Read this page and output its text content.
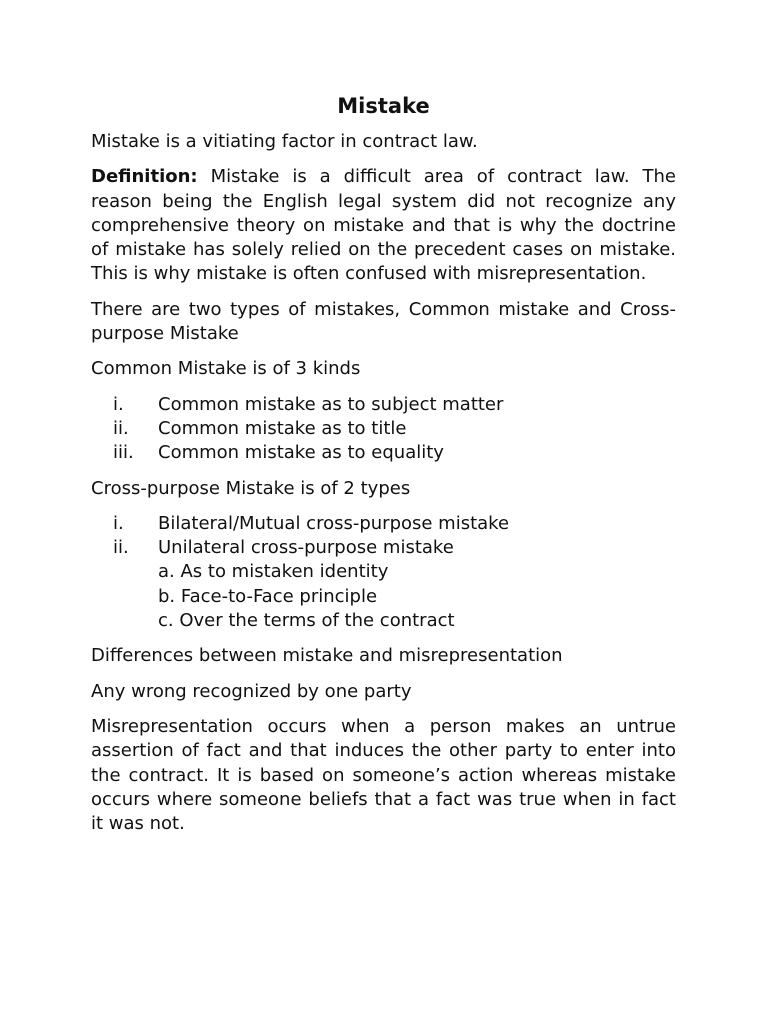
Mistake

Mistake is a vitiating factor in contract law.

Definition: Mistake is a difficult area of contract law. The reason being the English legal system did not recognize any comprehensive theory on mistake and that is why the doctrine of mistake has solely relied on the precedent cases on mistake. This is why mistake is often confused with misrepresentation.

There are two types of mistakes, Common mistake and Cross-purpose Mistake

Common Mistake is of 3 kinds

i. Common mistake as to subject matter
ii. Common mistake as to title
iii. Common mistake as to equality

Cross-purpose Mistake is of 2 types

i. Bilateral/Mutual cross-purpose mistake
ii. Unilateral cross-purpose mistake
a. As to mistaken identity
b. Face-to-Face principle
c. Over the terms of the contract

Differences between mistake and misrepresentation

Any wrong recognized by one party

Misrepresentation occurs when a person makes an untrue assertion of fact and that induces the other party to enter into the contract. It is based on someone’s action whereas mistake occurs where someone beliefs that a fact was true when in fact it was not.
